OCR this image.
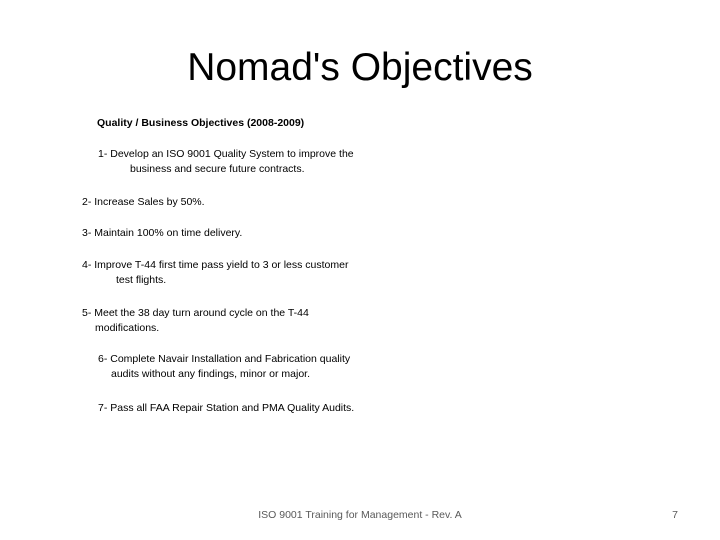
Nomad's Objectives
Quality / Business Objectives (2008-2009)
1- Develop an ISO 9001 Quality System to improve the
business and secure future contracts.
2- Increase Sales by 50%.
3- Maintain 100% on time delivery.
4- Improve T-44 first time pass yield to 3 or less customer
test flights.
5- Meet the 38 day turn around cycle on the T-44
modifications.
6- Complete Navair Installation and Fabrication quality
audits without any findings, minor or major.
7- Pass all FAA Repair Station and PMA Quality Audits.
ISO 9001 Training for Management - Rev. A	7
